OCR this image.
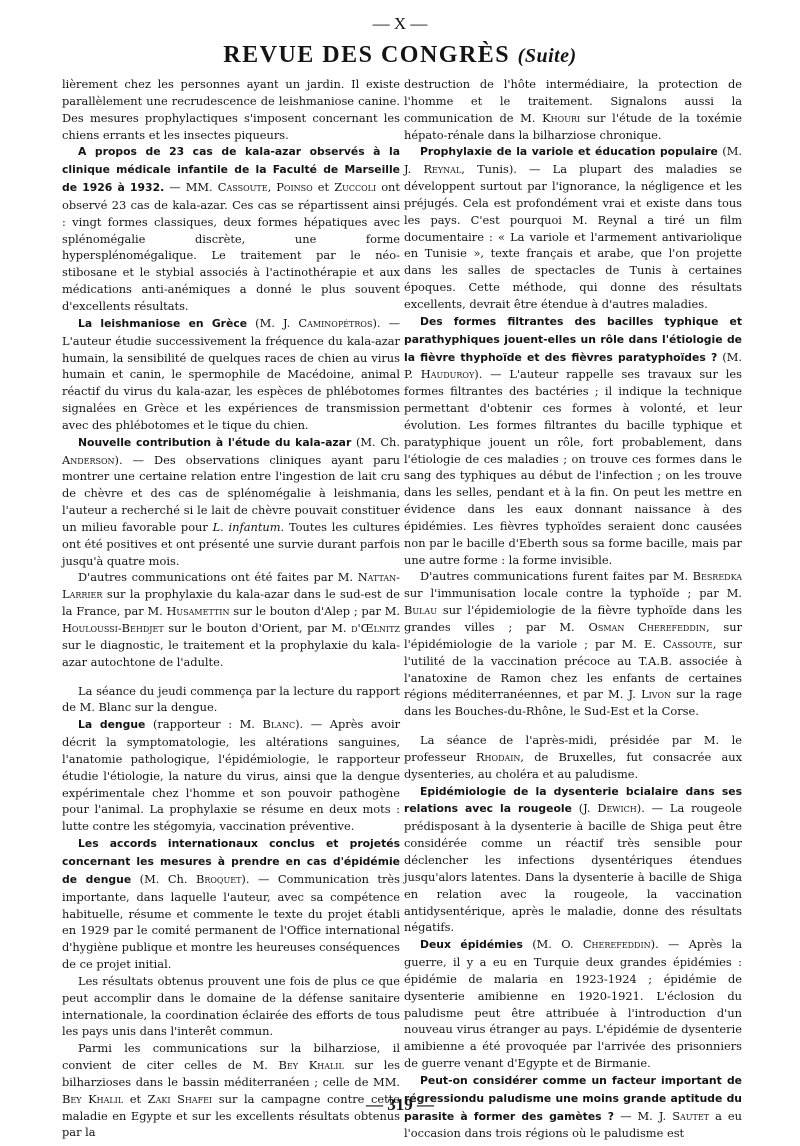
— X —
REVUE DES CONGRÈS (Suite)

lièrement chez les personnes ayant un jardin. Il existe parallèlement une recrudescence de leishmaniose canine. Des mesures prophylactiques s'imposent concernant les chiens errants et les insectes piqueurs.

A propos de 23 cas de kala-azar observés à la clinique médicale infantile de la Faculté de Marseille de 1926 à 1932. — MM. Cassoute, Poinso et Zuccoli ont observé 23 cas de kala-azar. Ces cas se répartissent ainsi : vingt formes classiques, deux formes hépatiques avec splénomégalie discrète, une forme hypersplénomégalique. Le traitement par le néo-stibosane et le stybial associés à l'actinothérapie et aux médications anti-anémiques a donné le plus souvent d'excellents résultats.

La leishmaniose en Grèce (M. J. Caminopétros). — L'auteur étudie successivement la fréquence du kala-azar humain, la sensibilité de quelques races de chien au virus humain et canin, le spermophile de Macédoine, animal réactif du virus du kala-azar, les espèces de phlébotomes signalées en Grèce et les expériences de transmission avec des phlébotomes et le tique du chien.

Nouvelle contribution à l'étude du kala-azar (M. Ch. Anderson). — Des observations cliniques ayant paru montrer une certaine relation entre l'ingestion de lait cru de chèvre et des cas de splénomégalie à leishmania, l'auteur a recherché si le lait de chèvre pouvait constituer un milieu favorable pour L. infantum. Toutes les cultures ont été positives et ont présenté une survie durant parfois jusqu'à quatre mois.

D'autres communications ont été faites par M. Nattan-Larrier sur la prophylaxie du kala-azar dans le sud-est de la France, par M. Husamettin sur le bouton d'Alep ; par M. Houloussi-Behdjet sur le bouton d'Orient, par M. d'Œlnitz sur le diagnostic, le traitement et la prophylaxie du kala-azar autochtone de l'adulte.

La séance du jeudi commença par la lecture du rapport de M. Blanc sur la dengue.

La dengue (rapporteur : M. Blanc). — Après avoir décrit la symptomatologie, les altérations sanguines, l'anatomie pathologique, l'épidémiologie, le rapporteur étudie l'étiologie, la nature du virus, ainsi que la dengue expérimentale chez l'homme et son pouvoir pathogène pour l'animal. La prophylaxie se résume en deux mots : lutte contre les stégomyia, vaccination préventive.

Les accords internationaux conclus et projetés concernant les mesures à prendre en cas d'épidémie de dengue (M. Ch. Broquet). — Communication très importante, dans laquelle l'auteur, avec sa compétence habituelle, résume et commente le texte du projet établi en 1929 par le comité permanent de l'Office international d'hygiène publique et montre les heureuses conséquences de ce projet initial.

Les résultats obtenus prouvent une fois de plus ce que peut accomplir dans le domaine de la défense sanitaire internationale, la coordination éclairée des efforts de tous les pays unis dans l'interêt commun.

Parmi les communications sur la bilharziose, il convient de citer celles de M. Bey Khalil sur les bilharzioses dans le bassin méditerranéen ; celle de MM. Bey Khalil et Zaki Shafei sur la campagne contre cette maladie en Egypte et sur les excellents résultats obtenus par la

destruction de l'hôte intermédiaire, la protection de l'homme et le traitement. Signalons aussi la communication de M. Khouri sur l'étude de la toxémie hépato-rénale dans la bilharziose chronique.

Prophylaxie de la variole et éducation populaire (M. J. Reynal, Tunis). — La plupart des maladies se développent surtout par l'ignorance, la négligence et les préjugés. Cela est profondément vrai et existe dans tous les pays. C'est pourquoi M. Reynal a tiré un film documentaire : « La variole et l'armement antivariolique en Tunisie », texte français et arabe, que l'on projette dans les salles de spectacles de Tunis à certaines époques. Cette méthode, qui donne des résultats excellents, devrait être étendue à d'autres maladies.

Des formes filtrantes des bacilles typhique et parathyphiques jouent-elles un rôle dans l'étiologie de la fièvre thyphoïde et des fièvres paratyphoïdes ? (M. P. Hauduroy). — L'auteur rappelle ses travaux sur les formes filtrantes des bactéries ; il indique la technique permettant d'obtenir ces formes à volonté, et leur évolution. Les formes filtrantes du bacille typhique et paratyphique jouent un rôle, fort probablement, dans l'étiologie de ces maladies ; on trouve ces formes dans le sang des typhiques au début de l'infection ; on les trouve dans les selles, pendant et à la fin. On peut les mettre en évidence dans les eaux donnant naissance à des épidémies. Les fièvres typhoïdes seraient donc causées non par le bacille d'Eberth sous sa forme bacille, mais par une autre forme : la forme invisible.

D'autres communications furent faites par M. Besredka sur l'immunisation locale contre la typhoïde ; par M. Bulau sur l'épidemiologie de la fièvre typhoïde dans les grandes villes ; par M. Osman Cherefeddin, sur l'épidémiologie de la variole ; par M. E. Cassoute, sur l'utilité de la vaccination précoce au T.A.B. associée à l'anatoxine de Ramon chez les enfants de certaines régions méditerranéennes, et par M. J. Livon sur la rage dans les Bouches-du-Rhône, le Sud-Est et la Corse.

La séance de l'après-midi, présidée par M. le professeur Rhodain, de Bruxelles, fut consacrée aux dysenteries, au choléra et au paludisme.

Epidémiologie de la dysenterie bcialaire dans ses relations avec la rougeole (J. Dewich). — La rougeole prédisposant à la dysenterie à bacille de Shiga peut être considérée comme un réactif très sensible pour déclencher les infections dysentériques étendues jusqu'alors latentes. Dans la dysenterie à bacille de Shiga en relation avec la rougeole, la vaccination antidysentérique, après le maladie, donne des résultats négatifs.

Deux épidémies (M. O. Cherefeddin). — Après la guerre, il y a eu en Turquie deux grandes épidémies : épidémie de malaria en 1923-1924 ; épidémie de dysenterie amibienne en 1920-1921. L'éclosion du paludisme peut être attribuée à l'introduction d'un nouveau virus étranger au pays. L'épidémie de dysenterie amibienne a été provoquée par l'arrivée des prisonniers de guerre venant d'Egypte et de Birmanie.

Peut-on considérer comme un facteur important de régressiondu paludisme une moins grande aptitude du parasite à former des gamètes ? — M. J. Sautet a eu l'occasion dans trois régions où le paludisme est

— 319 —
